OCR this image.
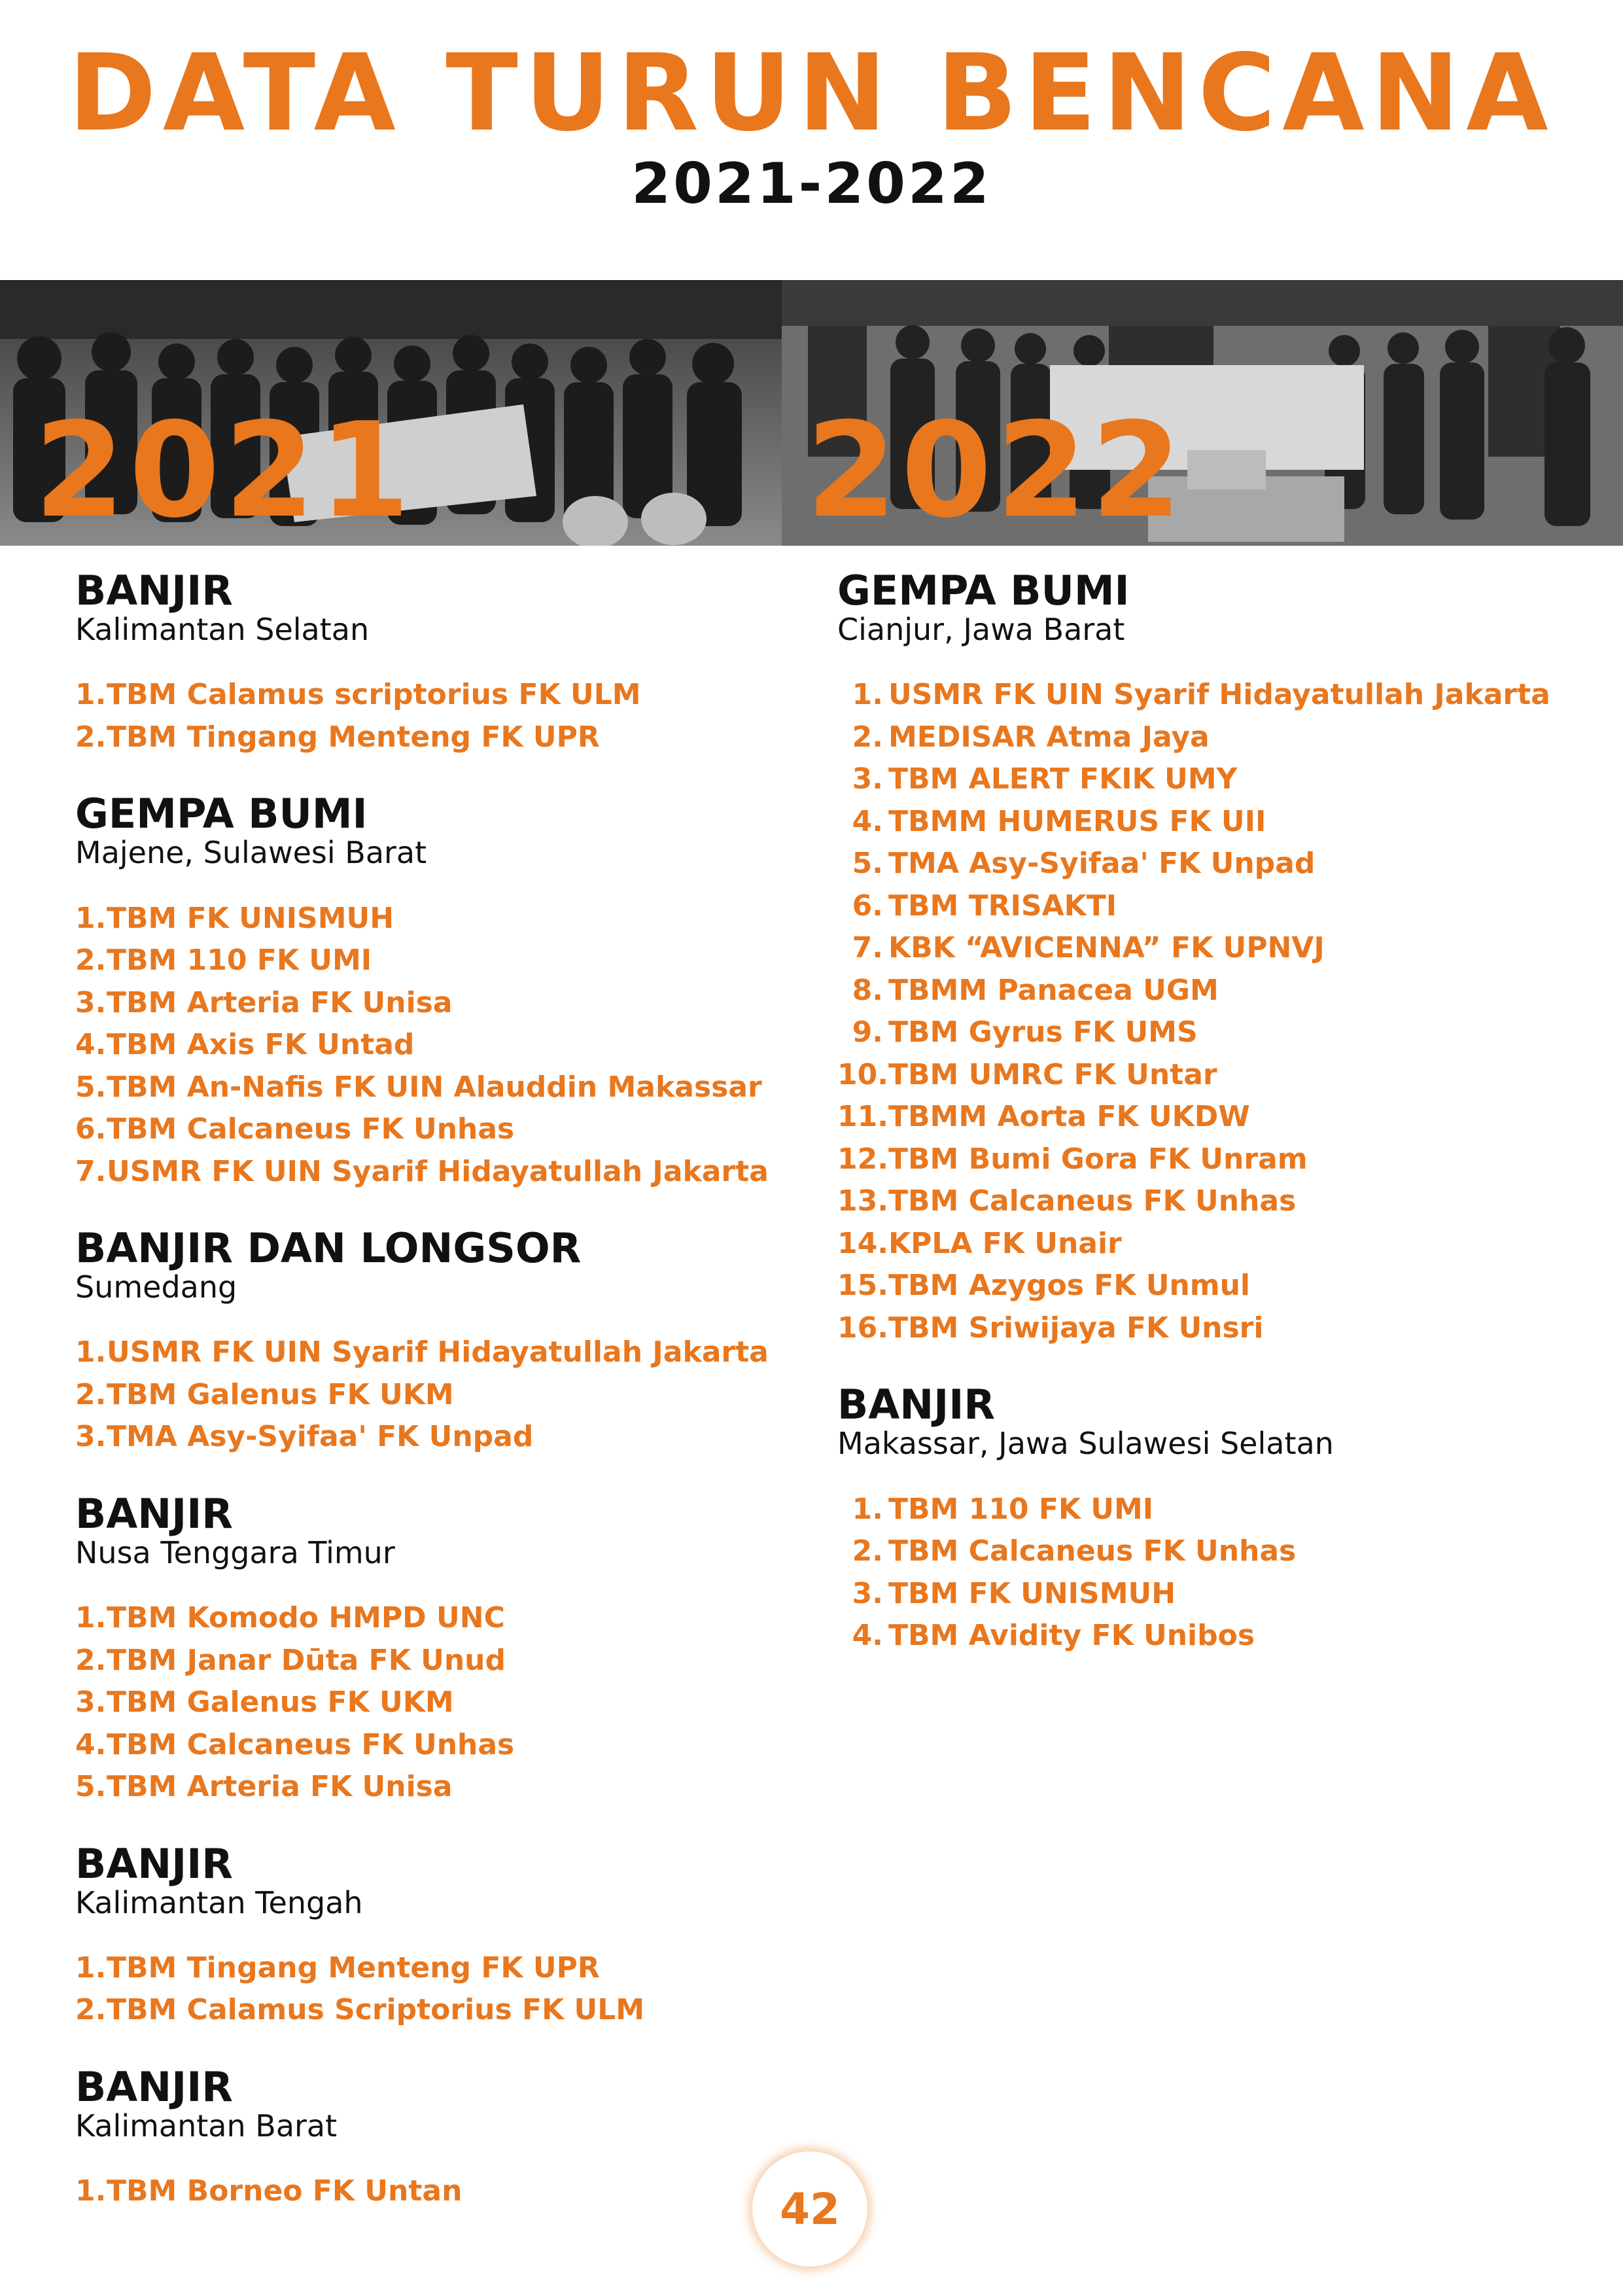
DATA TURUN BENCANA
2021-2022
2021	2022
BANJIR
Kalimantan Selatan
1. TBM Calamus scriptorius FK ULM
2. TBM Tingang Menteng FK UPR
GEMPA BUMI
Majene, Sulawesi Barat
1. TBM FK UNISMUH
2. TBM 110 FK UMI
3. TBM Arteria FK Unisa
4. TBM Axis FK Untad
5. TBM An-Nafis FK UIN Alauddin Makassar
6. TBM Calcaneus FK Unhas
7. USMR FK UIN Syarif Hidayatullah Jakarta
BANJIR DAN LONGSOR
Sumedang
1. USMR FK UIN Syarif Hidayatullah Jakarta
2. TBM Galenus FK UKM
3. TMA Asy-Syifaa' FK Unpad
BANJIR
Nusa Tenggara Timur
1. TBM Komodo HMPD UNC
2. TBM Janar Dūta FK Unud
3. TBM Galenus FK UKM
4. TBM Calcaneus FK Unhas
5. TBM Arteria FK Unisa
BANJIR
Kalimantan Tengah
1. TBM Tingang Menteng FK UPR
2. TBM Calamus Scriptorius FK ULM
BANJIR
Kalimantan Barat
1. TBM Borneo FK Untan
GEMPA BUMI
Cianjur, Jawa Barat
1. USMR FK UIN Syarif Hidayatullah Jakarta
2. MEDISAR Atma Jaya
3. TBM ALERT FKIK UMY
4. TBMM HUMERUS FK UII
5. TMA Asy-Syifaa' FK Unpad
6. TBM TRISAKTI
7. KBK “AVICENNA” FK UPNVJ
8. TBMM Panacea UGM
9. TBM Gyrus FK UMS
10. TBM UMRC FK Untar
11. TBMM Aorta FK UKDW
12. TBM Bumi Gora FK Unram
13. TBM Calcaneus FK Unhas
14. KPLA FK Unair
15. TBM Azygos FK Unmul
16. TBM Sriwijaya FK Unsri
BANJIR
Makassar, Jawa Sulawesi Selatan
1. TBM 110 FK UMI
2. TBM Calcaneus FK Unhas
3. TBM FK UNISMUH
4. TBM Avidity FK Unibos
42
